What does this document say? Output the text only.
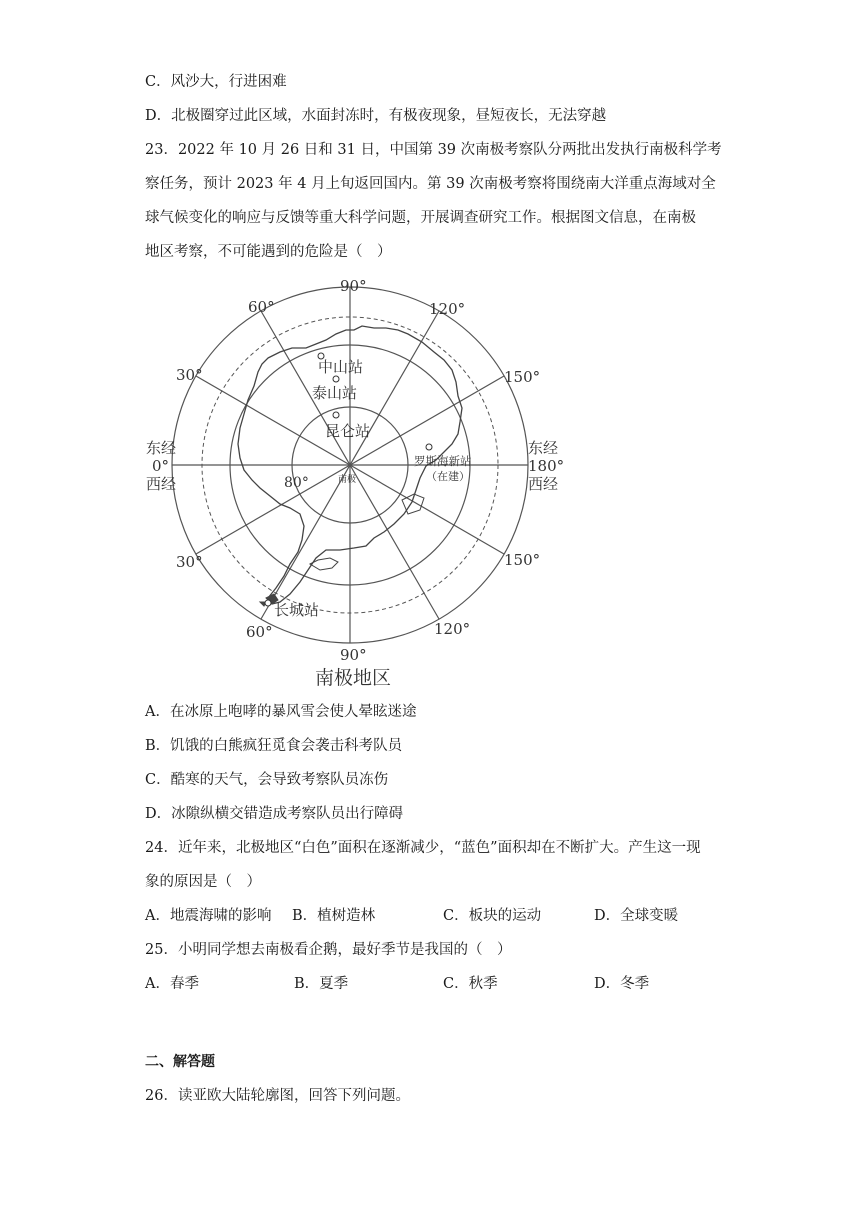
C．风沙大，行进困难
D．北极圈穿过此区域，水面封冻时，有极夜现象，昼短夜长，无法穿越
23．2022 年 10 月 26 日和 31 日，中国第 39 次南极考察队分两批出发执行南极科学考
察任务，预计 2023 年 4 月上旬返回国内。第 39 次南极考察将围绕南大洋重点海域对全
球气候变化的响应与反馈等重大科学问题，开展调查研究工作。根据图文信息，在南极
地区考察，不可能遇到的危险是（　）
中山站
泰山站
昆仑站
罗斯海新站
（在建）
长城站
南极
80°
90°
60°	120°
30°	150°
30°	150°
60°
90°
120°
东经
0°
西经
东经
180°
西经
南极地区
A．在冰原上咆哮的暴风雪会使人晕眩迷途
B．饥饿的白熊疯狂觅食会袭击科考队员
C．酷寒的天气，会导致考察队员冻伤
D．冰隙纵横交错造成考察队员出行障碍
24．近年来，北极地区“白色”面积在逐渐减少，“蓝色”面积却在不断扩大。产生这一现
象的原因是（　）
A．地震海啸的影响 B．植树造林	C．板块的运动	D．全球变暖
25．小明同学想去南极看企鹅，最好季节是我国的（　）
A．春季	B．夏季	C．秋季	D．冬季
二、解答题
26．读亚欧大陆轮廓图，回答下列问题。
